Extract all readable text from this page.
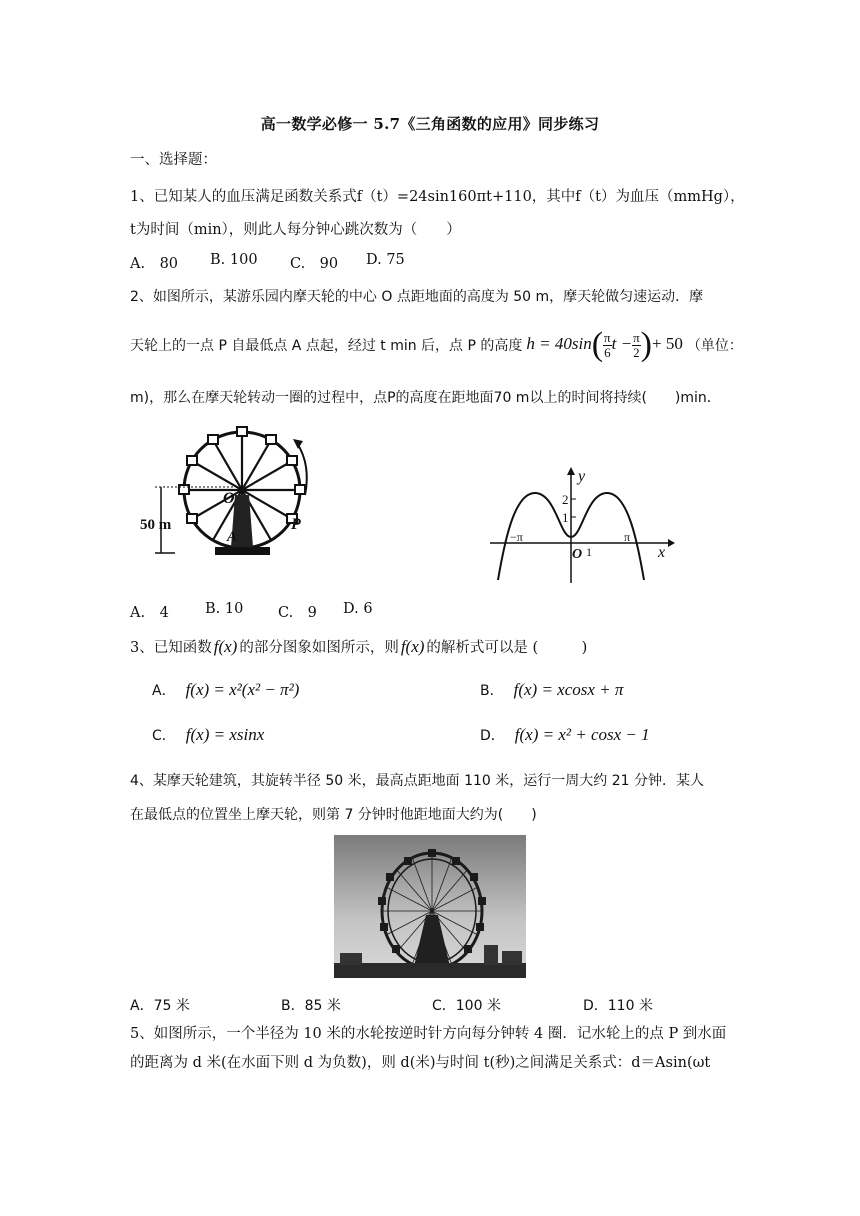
高一数学必修一 5.7《三角函数的应用》同步练习
一、选择题：
1、已知某人的血压满足函数关系式f（t）=24sin160πt+110，其中f（t）为血压（mmHg），
t为时间（min），则此人每分钟心跳次数为（　　）
A.　80 B. 100 C.　90 D. 75
2、如图所示，某游乐园内摩天轮的中心 O 点距地面的高度为 50 m，摩天轮做匀速运动．摩
天轮上的一点 P 自最低点 A 点起，经过 t min 后，点 P 的高度 $h = 40\sin( \frac{\pi}{6}$ $t - \frac{\pi}{2}$ )+ 50 （单位：
m)，那么在摩天轮转动一圈的过程中，点P的高度在距地面70 m以上的时间将持续(　　)min．
50 m
O
A
P
y
x
2
1
−π	π
O 1
A.　4 B. 10 C.　9 D. 6
3、已知函数 f(x) 的部分图象如图所示，则 f(x) 的解析式可以是 (　　　)
A． f(x) = x²(x² − π²)	B． f(x) = xcosx + π
C． f(x) = xsinx	D． f(x) = x² + cosx − 1
4、某摩天轮建筑，其旋转半径 50 米，最高点距地面 110 米，运行一周大约 21 分钟．某人
在最低点的位置坐上摩天轮，则第 7 分钟时他距地面大约为(　　)
A．75 米	B．85 米	C．100 米	D．110 米
5、如图所示，一个半径为 10 米的水轮按逆时针方向每分钟转 4 圈．记水轮上的点 P 到水面
的距离为 d 米(在水面下则 d 为负数)，则 d(米)与时间 t(秒)之间满足关系式：d＝Asin(ωt
